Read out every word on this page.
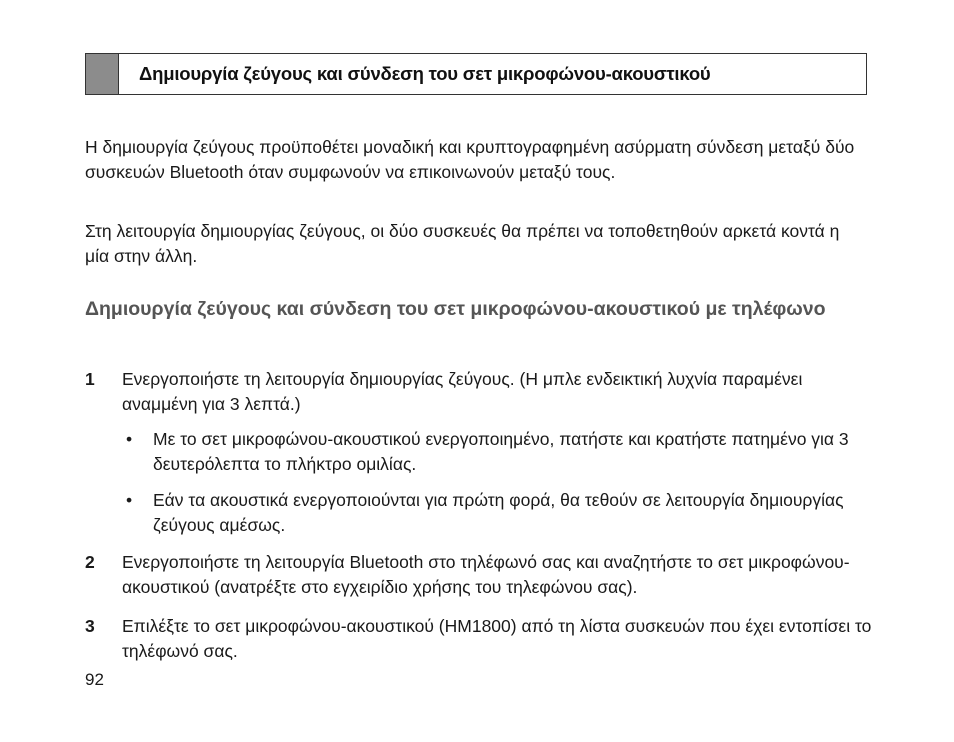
Δημιουργία ζεύγους και σύνδεση του σετ μικροφώνου-ακουστικού

Η δημιουργία ζεύγους προϋποθέτει μοναδική και κρυπτογραφημένη ασύρματη σύνδεση μεταξύ δύο συσκευών Bluetooth όταν συμφωνούν να επικοινωνούν μεταξύ τους.

Στη λειτουργία δημιουργίας ζεύγους, οι δύο συσκευές θα πρέπει να τοποθετηθούν αρκετά κοντά η μία στην άλλη.

Δημιουργία ζεύγους και σύνδεση του σετ μικροφώνου-ακουστικού με τηλέφωνο
1	Ενεργοποιήστε τη λειτουργία δημιουργίας ζεύγους. (Η μπλε ενδεικτική λυχνία παραμένει αναμμένη για 3 λεπτά.)
•	Με το σετ μικροφώνου-ακουστικού ενεργοποιημένο, πατήστε και κρατήστε πατημένο για 3 δευτερόλεπτα το πλήκτρο ομιλίας.
•	Εάν τα ακουστικά ενεργοποιούνται για πρώτη φορά, θα τεθούν σε λειτουργία δημιουργίας ζεύγους αμέσως.
2	Ενεργοποιήστε τη λειτουργία Bluetooth στο τηλέφωνό σας και αναζητήστε το σετ μικροφώνου-ακουστικού (ανατρέξτε στο εγχειρίδιο χρήσης του τηλεφώνου σας).
3	Επιλέξτε το σετ μικροφώνου-ακουστικού (HM1800) από τη λίστα συσκευών που έχει εντοπίσει το τηλέφωνό σας.
92
